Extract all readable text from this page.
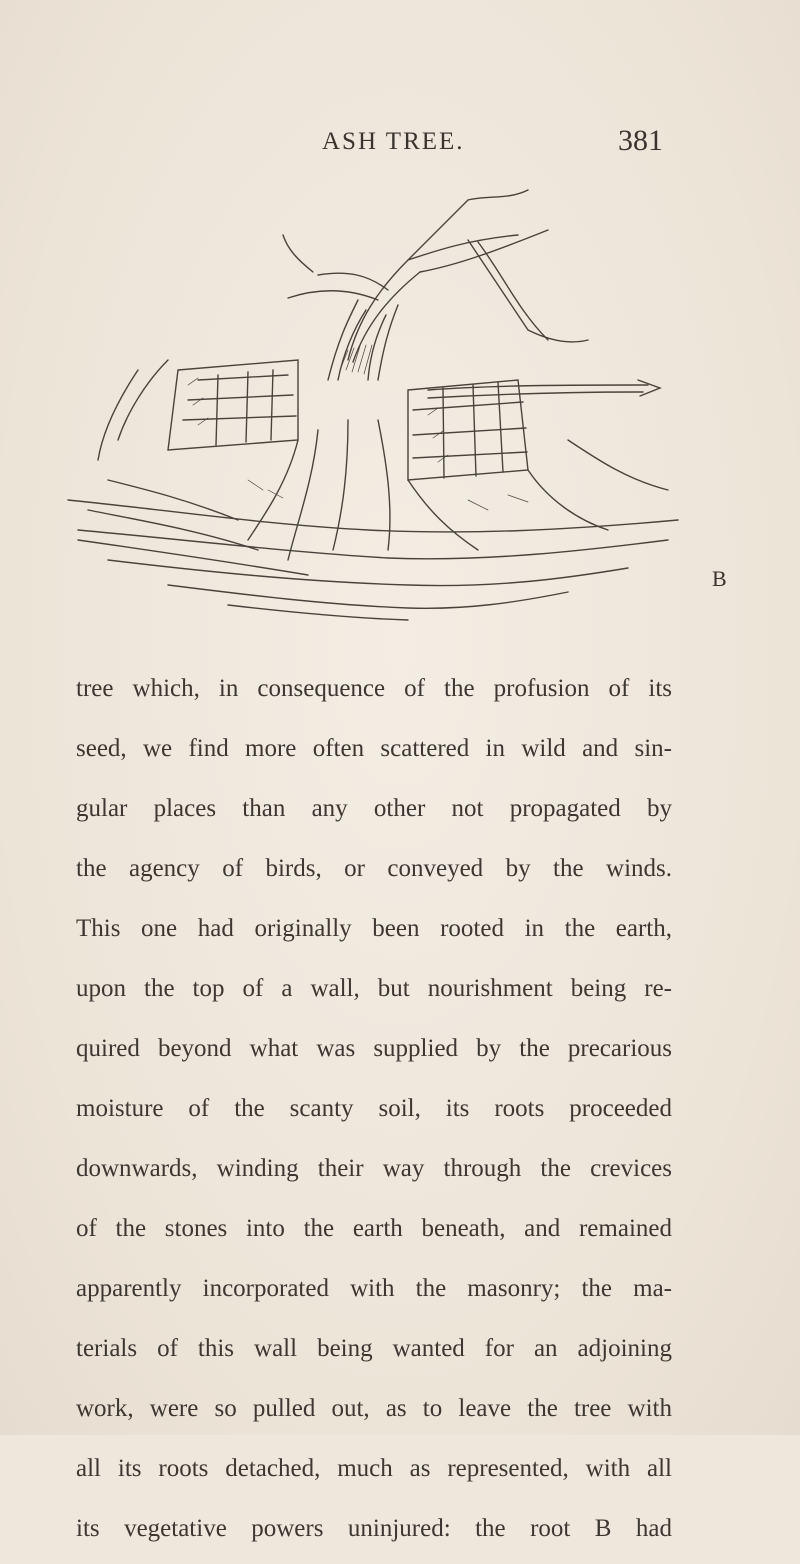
ASH TREE.	381
B
tree which, in consequence of the profusion of its
seed, we find more often scattered in wild and sin-
gular places than any other not propagated by
the agency of birds, or conveyed by the winds.
This one had originally been rooted in the earth,
upon the top of a wall, but nourishment being re-
quired beyond what was supplied by the precarious
moisture of the scanty soil, its roots proceeded
downwards, winding their way through the crevices
of the stones into the earth beneath, and remained
apparently incorporated with the masonry; the ma-
terials of this wall being wanted for an adjoining
work, were so pulled out, as to leave the tree with
all its roots detached, much as represented, with all
its vegetative powers uninjured: the root B had
